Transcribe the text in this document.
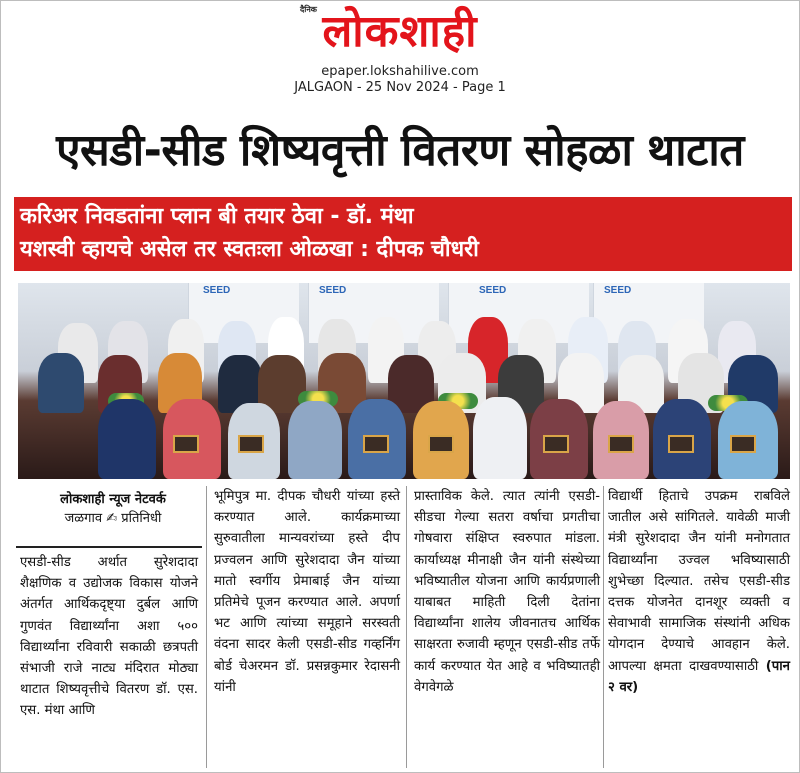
दैनिक लोकशाही
epaper.lokshahilive.com
JALGAON - 25 Nov 2024 - Page 1
एसडी-सीड शिष्यवृत्ती वितरण सोहळा थाटात
करिअर निवडतांना प्लान बी तयार ठेवा - डॉ. मंथा
यशस्वी व्हायचे असेल तर स्वतःला ओळखा : दीपक चौधरी
SEED	SEED	SEED	SEED
लोकशाही न्यूज नेटवर्क
जळगाव ✍ प्रतिनिधी
एसडी-सीड अर्थात सुरेशदादा शैक्षणिक व उद्योजक विकास योजने अंतर्गत आर्थिकदृष्ट्या दुर्बल आणि गुणवंत विद्यार्थ्यांना अशा ५०० विद्यार्थ्यांना रविवारी सकाळी छत्रपती संभाजी राजे नाट्य मंदिरात मोठ्या थाटात शिष्यवृत्तीचे वितरण डॉ. एस. एस. मंथा आणि
भूमिपुत्र मा. दीपक चौधरी यांच्या हस्ते करण्यात आले. कार्यक्रमाच्या सुरुवातीला मान्यवरांच्या हस्ते दीप प्रज्वलन आणि सुरेशदादा जैन यांच्या मातो स्वर्गीय प्रेमाबाई जैन यांच्या प्रतिमेचे पूजन करण्यात आले. अपर्णा भट आणि त्यांच्या समूहाने सरस्वती वंदना सादर केली एसडी-सीड गव्हर्निंग बोर्ड चेअरमन डॉ. प्रसन्नकुमार रेदासनी यांनी
प्रास्ताविक केले. त्यात त्यांनी एसडी-सीडचा गेल्या सतरा वर्षाचा प्रगतीचा गोषवारा संक्षिप्त स्वरुपात मांडला. कार्याध्यक्ष मीनाक्षी जैन यांनी संस्थेच्या भविष्यातील योजना आणि कार्यप्रणाली याबाबत माहिती दिली देतांना विद्यार्थ्यांना शालेय जीवनातच आर्थिक साक्षरता रुजावी म्हणून एसडी-सीड तर्फे कार्य करण्यात येत आहे व भविष्यातही वेगवेगळे
विद्यार्थी हिताचे उपक्रम राबविले जातील असे सांगितले. यावेळी माजी मंत्री सुरेशदादा जैन यांनी मनोगतात विद्यार्थ्यांना उज्वल भविष्यासाठी शुभेच्छा दिल्यात. तसेच एसडी-सीड दत्तक योजनेत दानशूर व्यक्ती व सेवाभावी सामाजिक संस्थांनी अधिक योगदान देण्याचे आवहान केले. आपल्या क्षमता दाखवण्यासाठी (पान २ वर)
